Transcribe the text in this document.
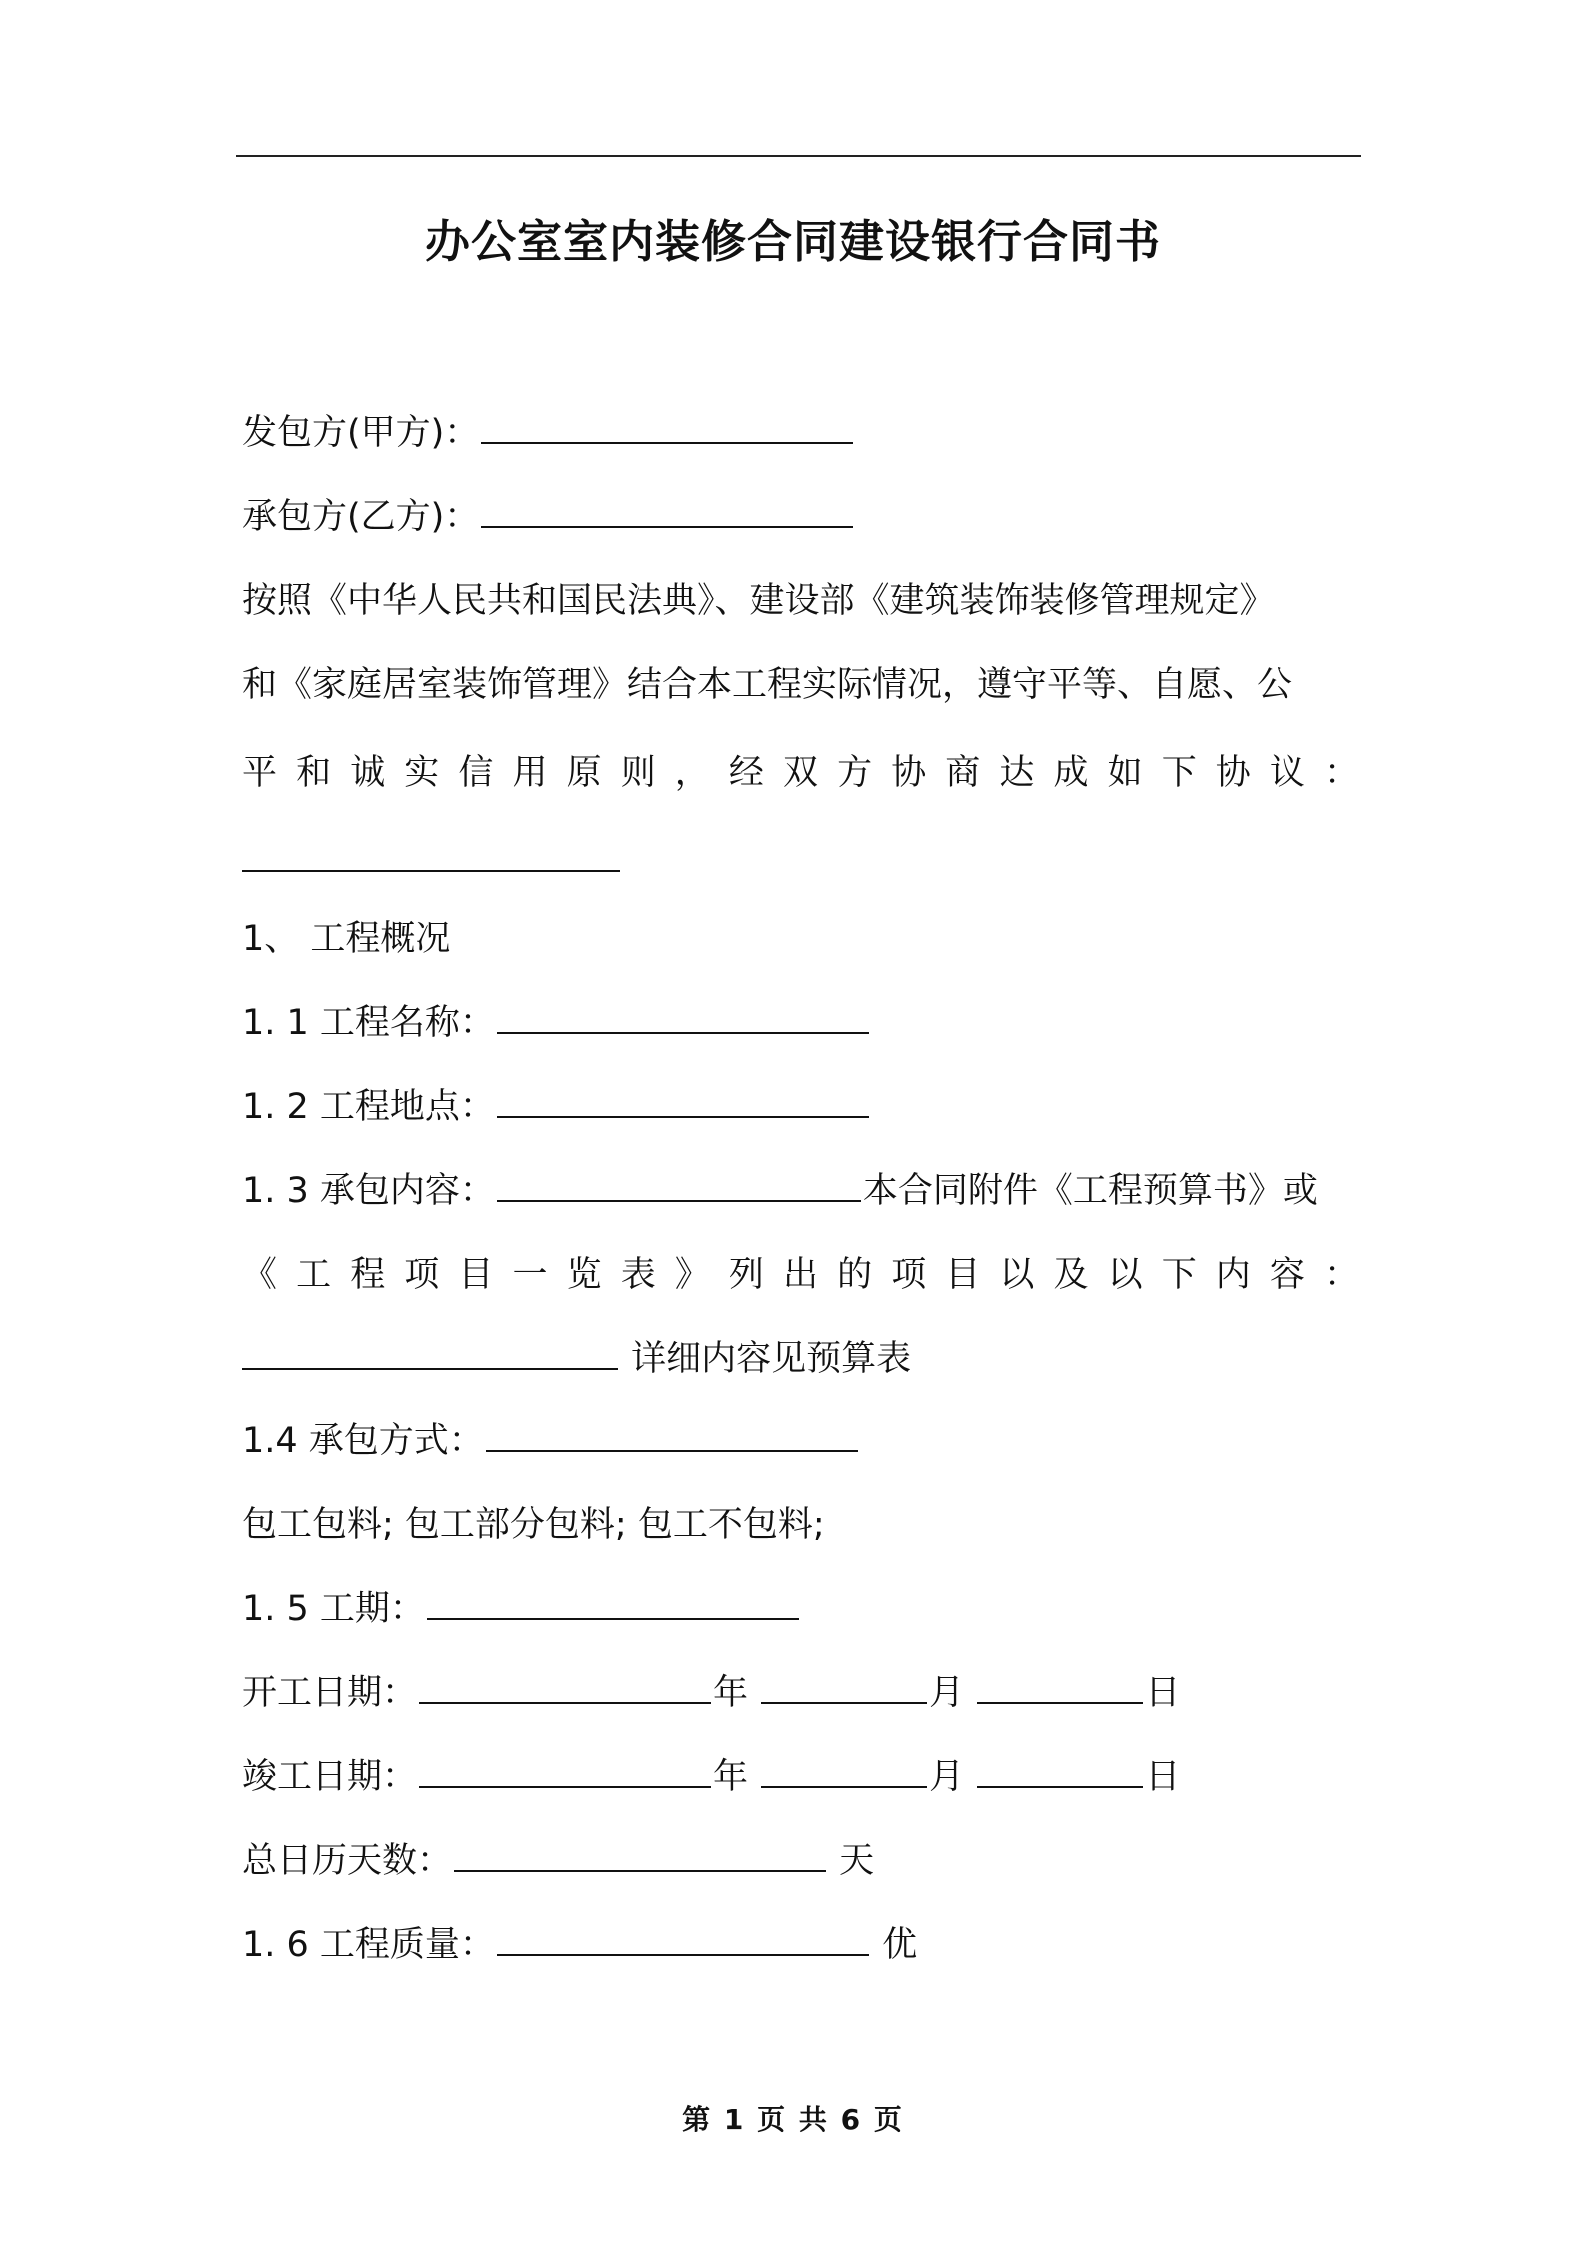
办公室室内装修合同建设银行合同书
发包方(甲方)：
承包方(乙方)：
按照《中华人民共和国民法典》、建设部《建筑装饰装修管理规定》
和《家庭居室装饰管理》结合本工程实际情况，遵守平等、自愿、公
平和诚实信用原则，经双方协商达成如下协议：
1、 工程概况
1. 1 工程名称：
1. 2 工程地点：
1. 3 承包内容：	本合同附件《工程预算书》或
《工程项目一览表》列出的项目以及以下内容：
详细内容见预算表
1.4 承包方式：
包工包料; 包工部分包料; 包工不包料;
1. 5 工期：
开工日期：	年	月	日
竣工日期：	年	月	日
总日历天数：	天
1. 6 工程质量：	优
第 1 页 共 6 页
